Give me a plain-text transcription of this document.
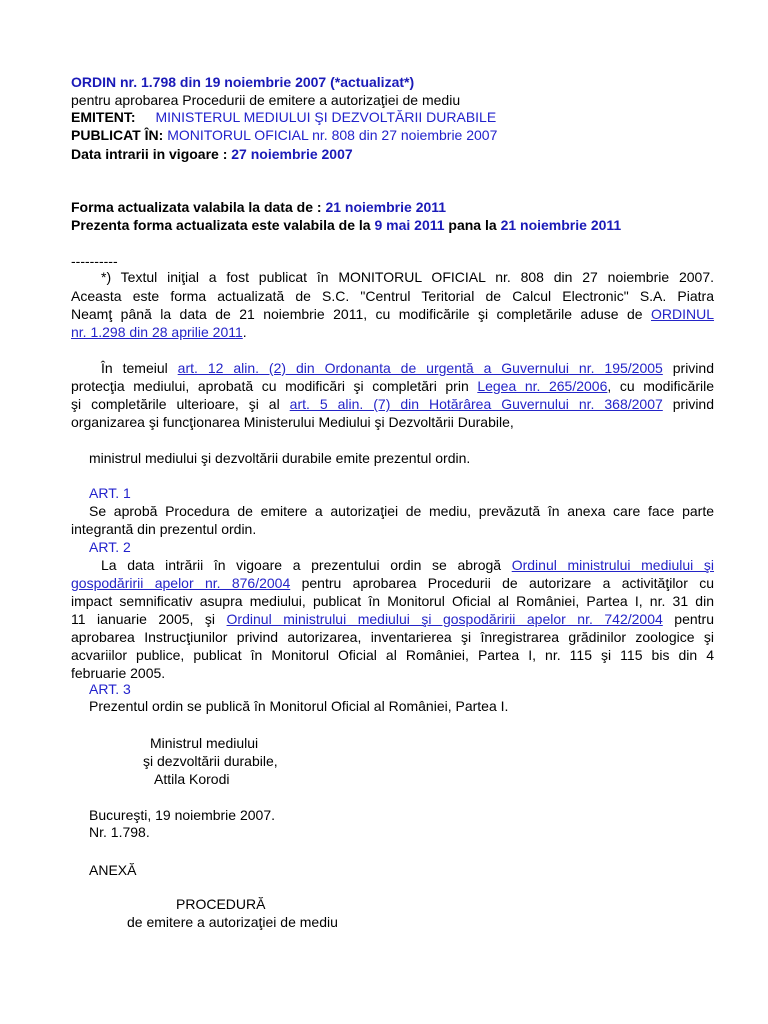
ORDIN nr. 1.798 din 19 noiembrie 2007 (*actualizat*)
pentru aprobarea Procedurii de emitere a autorizaţiei de mediu
EMITENT: MINISTERUL MEDIULUI ŞI DEZVOLTĂRII DURABILE
PUBLICAT ÎN: MONITORUL OFICIAL nr. 808 din 27 noiembrie 2007
Data intrarii in vigoare : 27 noiembrie 2007
Forma actualizata valabila la data de : 21 noiembrie 2011
Prezenta forma actualizata este valabila de la 9 mai 2011 pana la 21 noiembrie 2011
----------
*) Textul iniţial a fost publicat în MONITORUL OFICIAL nr. 808 din 27 noiembrie 2007.
Aceasta este forma actualizată de S.C. "Centrul Teritorial de Calcul Electronic" S.A. Piatra
Neamţ până la data de 21 noiembrie 2011, cu modificările şi completările aduse de ORDINUL
nr. 1.298 din 28 aprilie 2011.
În temeiul art. 12 alin. (2) din Ordonanta de urgentă a Guvernului nr. 195/2005 privind
protecţia mediului, aprobată cu modificări şi completări prin Legea nr. 265/2006, cu modificările
şi completările ulterioare, şi al art. 5 alin. (7) din Hotărârea Guvernului nr. 368/2007 privind
organizarea şi funcţionarea Ministerului Mediului şi Dezvoltării Durabile,
ministrul mediului şi dezvoltării durabile emite prezentul ordin.
ART. 1
Se aprobă Procedura de emitere a autorizaţiei de mediu, prevăzută în anexa care face parte
integrantă din prezentul ordin.
ART. 2
La data intrării în vigoare a prezentului ordin se abrogă Ordinul ministrului mediului şi
gospodăririi apelor nr. 876/2004 pentru aprobarea Procedurii de autorizare a activităţilor cu
impact semnificativ asupra mediului, publicat în Monitorul Oficial al României, Partea I, nr. 31 din
11 ianuarie 2005, şi Ordinul ministrului mediului şi gospodăririi apelor nr. 742/2004 pentru
aprobarea Instrucţiunilor privind autorizarea, inventarierea şi înregistrarea grădinilor zoologice şi
acvariilor publice, publicat în Monitorul Oficial al României, Partea I, nr. 115 şi 115 bis din 4
februarie 2005.
ART. 3
Prezentul ordin se publică în Monitorul Oficial al României, Partea I.
Ministrul mediului
şi dezvoltării durabile,
Attila Korodi
Bucureşti, 19 noiembrie 2007.
Nr. 1.798.
ANEXĂ
PROCEDURĂ
de emitere a autorizaţiei de mediu
